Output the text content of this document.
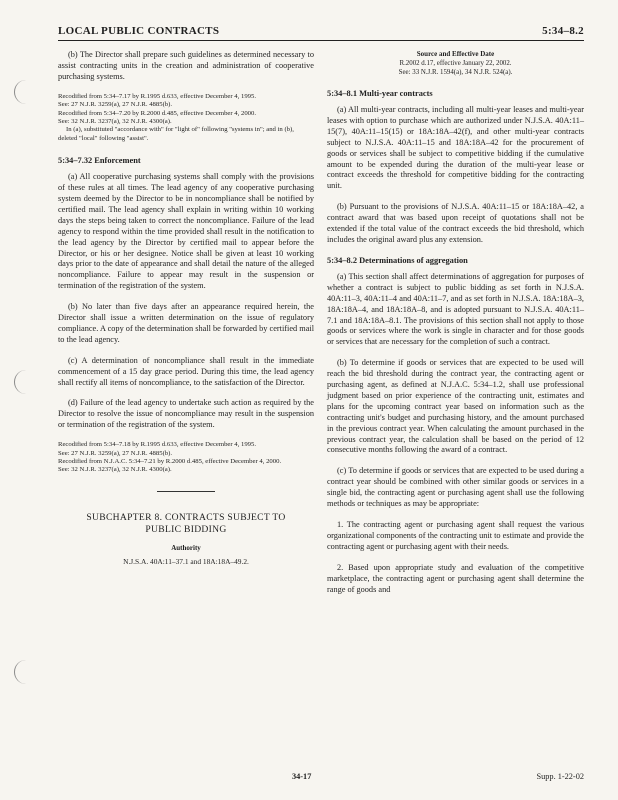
LOCAL PUBLIC CONTRACTS	5:34–8.2

(b) The Director shall prepare such guidelines as determined necessary to assist contracting units in the creation and administration of cooperative purchasing systems.

Recodified from 5:34–7.17 by R.1995 d.633, effective December 4, 1995.

See: 27 N.J.R. 3259(a), 27 N.J.R. 4885(b).

Recodified from 5:34–7.20 by R.2000 d.485, effective December 4, 2000.

See: 32 N.J.R. 3237(a), 32 N.J.R. 4300(a).

In (a), substituted "accordance with" for "light of" following "systems in"; and in (b), deleted "local" following "assist".

5:34–7.32 Enforcement

(a) All cooperative purchasing systems shall comply with the provisions of these rules at all times. The lead agency of any cooperative purchasing system deemed by the Director to be in noncompliance shall be notified by certified mail. The lead agency shall explain in writing within 10 working days the steps being taken to correct the noncompliance. Failure of the lead agency to respond within the time provided shall result in the notification to the lead agency by the Director by certified mail to appear before the Director, or his or her designee. Notice shall be given at least 10 working days prior to the date of appearance and shall detail the nature of the alleged noncompliance. Failure to appear may result in the suspension or termination of the registration of the system.

(b) No later than five days after an appearance required herein, the Director shall issue a written determination on the issue of regulatory compliance. A copy of the determination shall be forwarded by certified mail to the lead agency.

(c) A determination of noncompliance shall result in the immediate commencement of a 15 day grace period. During this time, the lead agency shall rectify all items of noncompliance, to the satisfaction of the Director.

(d) Failure of the lead agency to undertake such action as required by the Director to resolve the issue of noncompliance may result in the suspension or termination of the registration of the system.

Recodified from 5:34–7.18 by R.1995 d.633, effective December 4, 1995.

See: 27 N.J.R. 3259(a), 27 N.J.R. 4885(b).

Recodified from N.J.A.C. 5:34–7.21 by R.2000 d.485, effective December 4, 2000.

See: 32 N.J.R. 3237(a), 32 N.J.R. 4300(a).

SUBCHAPTER 8. CONTRACTS SUBJECT TO
PUBLIC BIDDING

Authority

N.J.S.A. 40A:11–37.1 and 18A:18A–49.2.

Source and Effective Date

R.2002 d.17, effective January 22, 2002.

See: 33 N.J.R. 1594(a), 34 N.J.R. 524(a).

5:34–8.1 Multi-year contracts

(a) All multi-year contracts, including all multi-year leases and multi-year leases with option to purchase which are authorized under N.J.S.A. 40A:11–15(7), 40A:11–15(15) or 18A:18A–42(f), and other multi-year contracts subject to N.J.S.A. 40A:11–15 and 18A:18A–42 for the procurement of goods or services shall be subject to competitive bidding if the cumulative amount to be expended during the duration of the multi-year lease or contract exceeds the threshold for competitive bidding for the contracting unit.

(b) Pursuant to the provisions of N.J.S.A. 40A:11–15 or 18A:18A–42, a contract award that was based upon receipt of quotations shall not be extended if the total value of the contract exceeds the bid threshold, which includes the original award plus any extension.

5:34–8.2 Determinations of aggregation

(a) This section shall affect determinations of aggregation for purposes of whether a contract is subject to public bidding as set forth in N.J.S.A. 40A:11–3, 40A:11–4 and 40A:11–7, and as set forth in N.J.S.A. 18A:18A–3, 18A:18A–4, and 18A:18A–8, and is adopted pursuant to N.J.S.A. 40A:11–7.1 and 18A:18A–8.1. The provisions of this section shall not apply to those goods or services where the work is single in character and for those goods or services that are necessary for the completion of such a contract.

(b) To determine if goods or services that are expected to be used will reach the bid threshold during the contract year, the contracting agent or purchasing agent, as defined at N.J.A.C. 5:34–1.2, shall use professional judgment based on prior experience of the contracting unit, estimates and plans for the upcoming contract year based on information such as the contracting unit's budget and purchasing history, and the amount purchased in the previous contract year. When calculating the amount purchased in the previous contract year, the calculation shall be based on the period of 12 consecutive months following the award of a contract.

(c) To determine if goods or services that are expected to be used during a contract year should be combined with other similar goods or services in a single bid, the contracting agent or purchasing agent shall use the following methods or techniques as may be appropriate:

1. The contracting agent or purchasing agent shall request the various organizational components of the contracting unit to estimate and provide the contracting agent or purchasing agent with their needs.

2. Based upon appropriate study and evaluation of the competitive marketplace, the contracting agent or purchasing agent shall determine the range of goods and

34-17	Supp. 1-22-02
